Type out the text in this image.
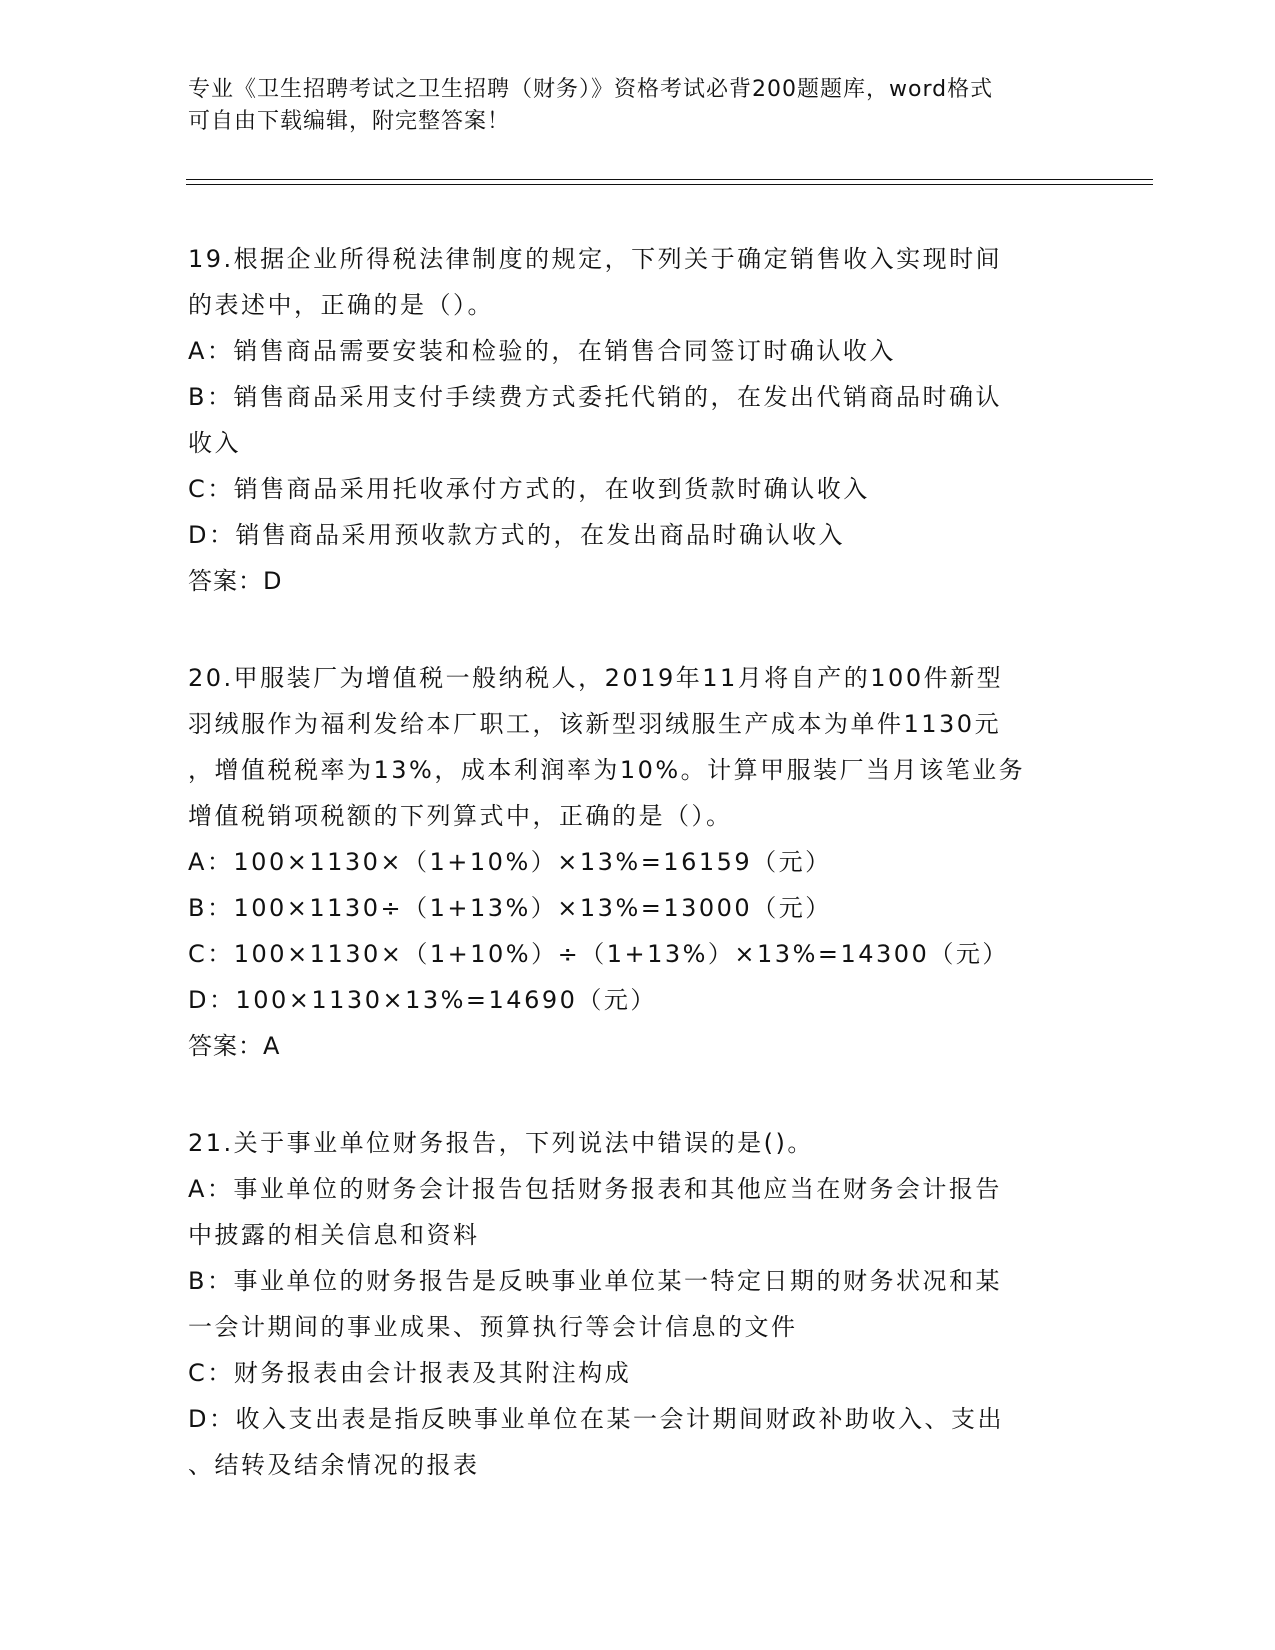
专业《卫生招聘考试之卫生招聘（财务）》资格考试必背200题题库，word格式
可自由下载编辑，附完整答案！
19.根据企业所得税法律制度的规定，下列关于确定销售收入实现时间
的表述中，正确的是（）。
A：销售商品需要安装和检验的，在销售合同签订时确认收入
B：销售商品采用支付手续费方式委托代销的，在发出代销商品时确认
收入
C：销售商品采用托收承付方式的，在收到货款时确认收入
D：销售商品采用预收款方式的，在发出商品时确认收入
答案：D
20.甲服装厂为增值税一般纳税人，2019年11月将自产的100件新型
羽绒服作为福利发给本厂职工，该新型羽绒服生产成本为单件1130元
，增值税税率为13%，成本利润率为10%。计算甲服装厂当月该笔业务
增值税销项税额的下列算式中，正确的是（）。
A：100×1130×（1+10%）×13%=16159（元）
B：100×1130÷（1+13%）×13%=13000（元）
C：100×1130×（1+10%）÷（1+13%）×13%=14300（元）
D：100×1130×13%=14690（元）
答案：A
21.关于事业单位财务报告，下列说法中错误的是()。
A：事业单位的财务会计报告包括财务报表和其他应当在财务会计报告
中披露的相关信息和资料
B：事业单位的财务报告是反映事业单位某一特定日期的财务状况和某
一会计期间的事业成果、预算执行等会计信息的文件
C：财务报表由会计报表及其附注构成
D：收入支出表是指反映事业单位在某一会计期间财政补助收入、支出
、结转及结余情况的报表
